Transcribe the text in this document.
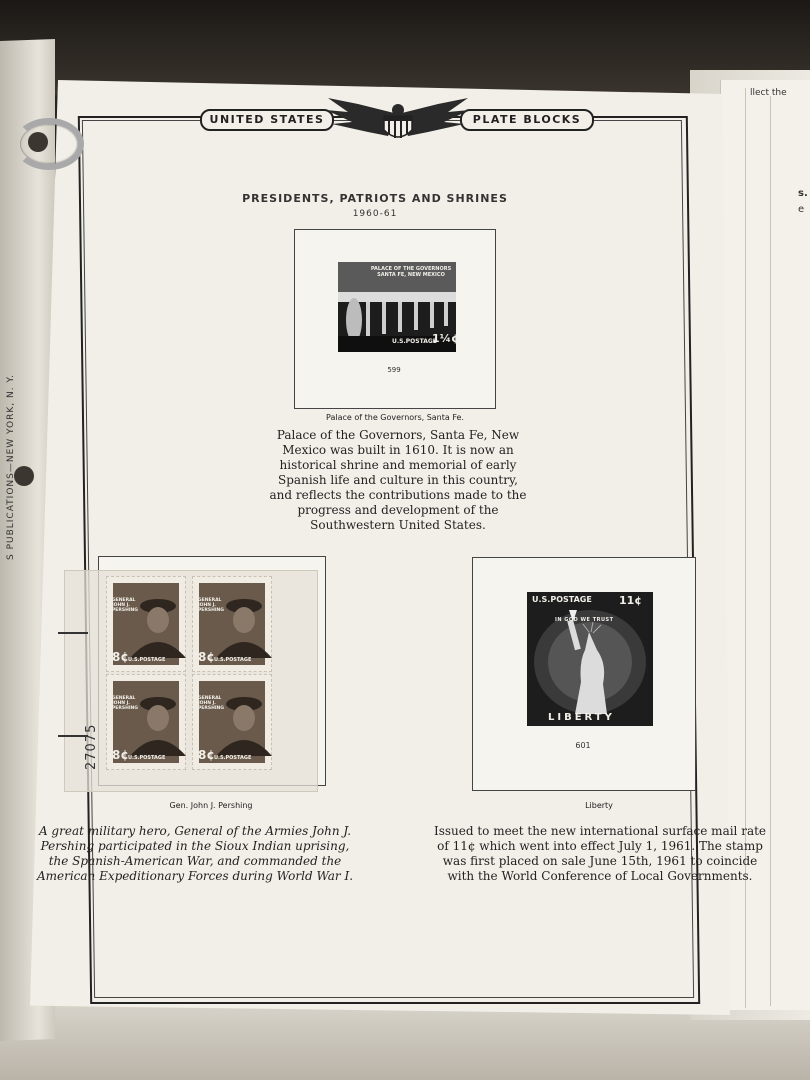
llect the
s.
e
S PUBLICATIONS—NEW YORK, N. Y.
UNITED STATES	PLATE BLOCKS
PRESIDENTS, PATRIOTS AND SHRINES
1960-61
PALACE OF THE GOVERNORS SANTA FE, NEW MEXICO
U.S.POSTAGE
1¼¢
599
Palace of the Governors, Santa Fe.
Palace of the Governors, Santa Fe, New Mexico was built in 1610. It is now an historical shrine and memorial of early Spanish life and culture in this country, and reflects the contributions made to the progress and development of the Southwestern United States.
27075
GENERAL JOHN J. PERSHING
GENERAL JOHN J. PERSHING
GENERAL JOHN J. PERSHING
GENERAL JOHN J. PERSHING
8¢	8¢
8¢	8¢
U.S.POSTAGE	U.S.POSTAGE
U.S.POSTAGE	U.S.POSTAGE
Gen. John J. Pershing
A great military hero, General of the Armies John J. Pershing participated in the Sioux Indian uprising, the Spanish-American War, and commanded the American Expeditionary Forces during World War I.
U.S.POSTAGE 11¢
IN GOD WE TRUST
LIBERTY
601
Liberty
Issued to meet the new international surface mail rate of 11¢ which went into effect July 1, 1961. The stamp was first placed on sale June 15th, 1961 to coincide with the World Conference of Local Governments.
